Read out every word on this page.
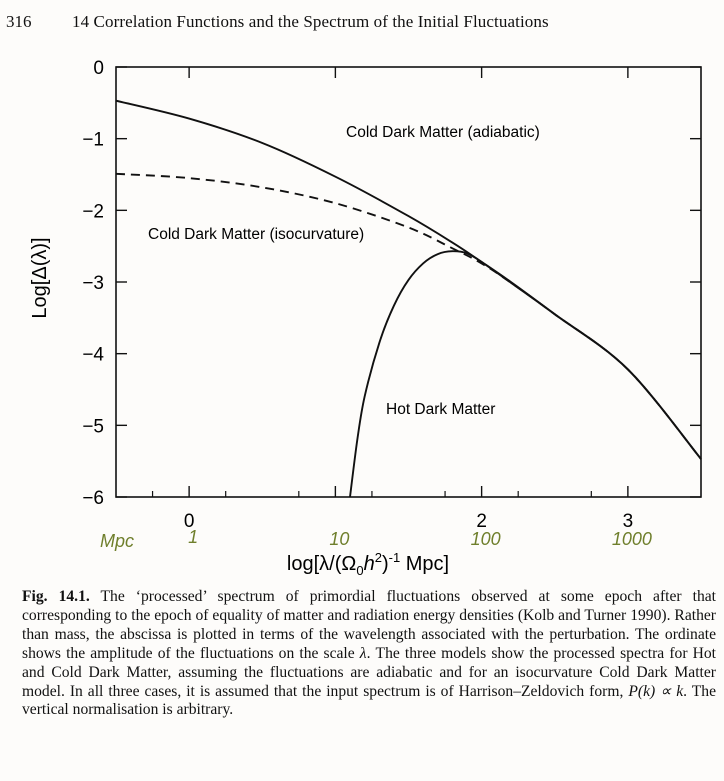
316 14 Correlation Functions and the Spectrum of the Initial Fluctuations
0
−1
−2
−3
−4
−5
−6
0	2	3
Cold Dark Matter (adiabatic)
Cold Dark Matter (isocurvature)
Hot Dark Matter
Log[Δ(λ)]
$\log[\lambda/(\Omega_0h^2)^{-1}$ Mpc]
Mpc	1	10	100	1000
Fig. 14.1. The ‘processed’ spectrum of primordial fluctuations observed at some epoch after that corresponding to the epoch of equality of matter and radiation energy densities (Kolb and Turner 1990). Rather than mass, the abscissa is plotted in terms of the wavelength associated with the perturbation. The ordinate shows the amplitude of the fluctuations on the scale λ. The three models show the processed spectra for Hot and Cold Dark Matter, assuming the fluctuations are adiabatic and for an isocurvature Cold Dark Matter model. In all three cases, it is assumed that the input spectrum is of Harrison–Zeldovich form, P(k) ∝ k. The vertical normalisation is arbitrary.
